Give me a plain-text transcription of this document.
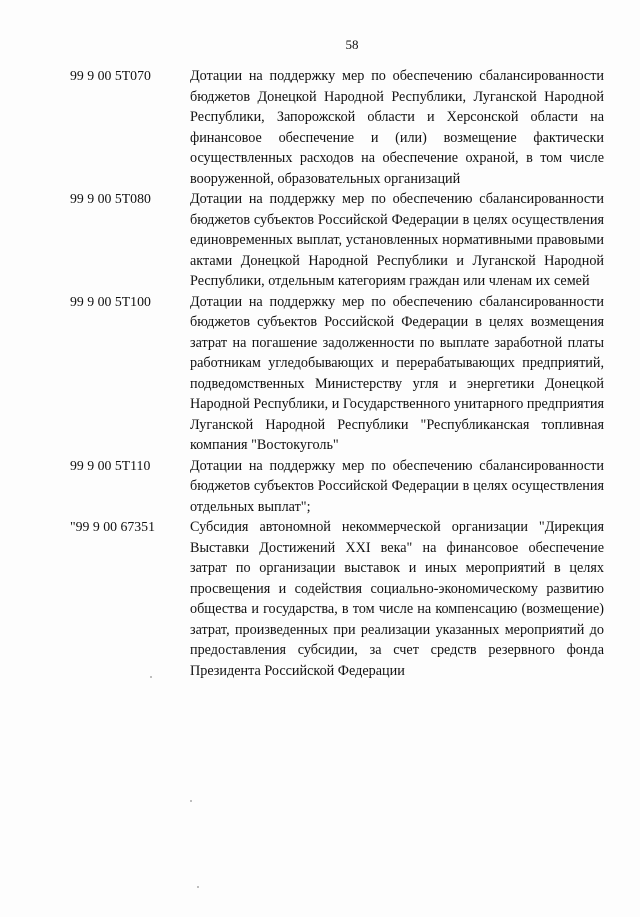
58
99 9 00 5Т070	Дотации на поддержку мер по обеспечению сбалансированности бюджетов Донецкой Народной Республики, Луганской Народной Республики, Запорожской области и Херсонской области на финансовое обеспечение и (или) возмещение фактически осуществленных расходов на обеспечение охраной, в том числе вооруженной, образовательных организаций
99 9 00 5Т080	Дотации на поддержку мер по обеспечению сбалансированности бюджетов субъектов Российской Федерации в целях осуществления единовременных выплат, установленных нормативными правовыми актами Донецкой Народной Республики и Луганской Народной Республики, отдельным категориям граждан или членам их семей
99 9 00 5Т100	Дотации на поддержку мер по обеспечению сбалансированности бюджетов субъектов Российской Федерации в целях возмещения затрат на погашение задолженности по выплате заработной платы работникам угледобывающих и перерабатывающих предприятий, подведомственных Министерству угля и энергетики Донецкой Народной Республики, и Государственного унитарного предприятия Луганской Народной Республики "Республиканская топливная компания "Востокуголь"
99 9 00 5Т110	Дотации на поддержку мер по обеспечению сбалансированности бюджетов субъектов Российской Федерации в целях осуществления отдельных выплат";
"99 9 00 67351	Субсидия автономной некоммерческой организации "Дирекция Выставки Достижений XXI века" на финансовое обеспечение затрат по организации выставок и иных мероприятий в целях просвещения и содействия социально-экономическому развитию общества и государства, в том числе на компенсацию (возмещение) затрат, произведенных при реализации указанных мероприятий до предоставления субсидии, за счет средств резервного фонда Президента Российской Федерации
